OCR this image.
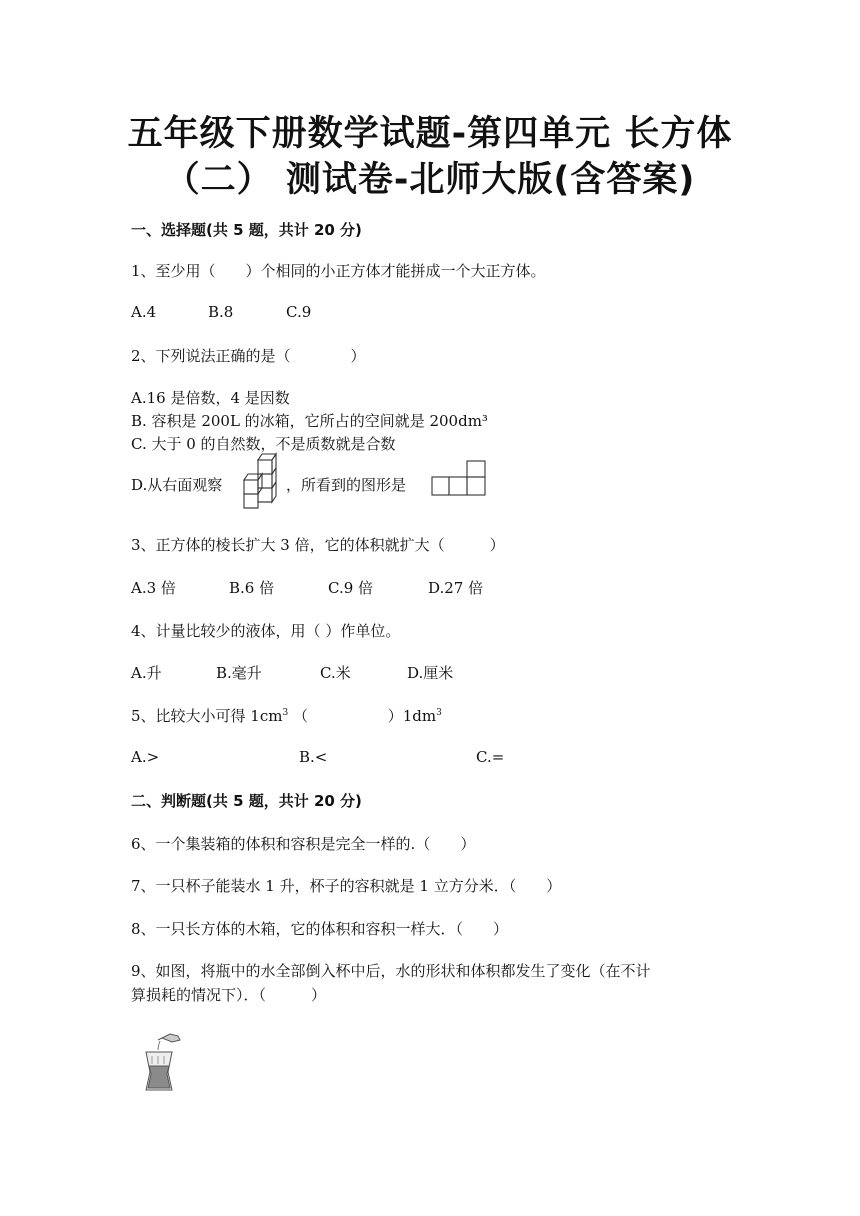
五年级下册数学试题-第四单元 长方体
（二） 测试卷-北师大版(含答案)
一、选择题(共 5 题，共计 20 分)
1、至少用（　　）个相同的小正方体才能拼成一个大正方体。
A.4	B.8	C.9
2、下列说法正确的是（　　　　）
A.16 是倍数，4 是因数
B. 容积是 200L 的冰箱，它所占的空间就是 200dm³
C. 大于 0 的自然数，不是质数就是合数
D.从右面观察	，所看到的图形是
3、正方体的棱长扩大 3 倍，它的体积就扩大（　　　）
A.3 倍	B.6 倍	C.9 倍	D.27 倍
4、计量比较少的液体，用（ ）作单位。
A.升	B.毫升	C.米	D.厘米
5、比较大小可得 $1cm^3$ （　　　　　 ）$1dm^3$
A.>	B.<	C.=
二、判断题(共 5 题，共计 20 分)
6、一个集装箱的体积和容积是完全一样的.（　　）
7、一只杯子能装水 1 升，杯子的容积就是 1 立方分米．（　　）
8、一只长方体的木箱，它的体积和容积一样大．（　　）
9、如图，将瓶中的水全部倒入杯中后，水的形状和体积都发生了变化（在不计
算损耗的情况下）．（　　　）
